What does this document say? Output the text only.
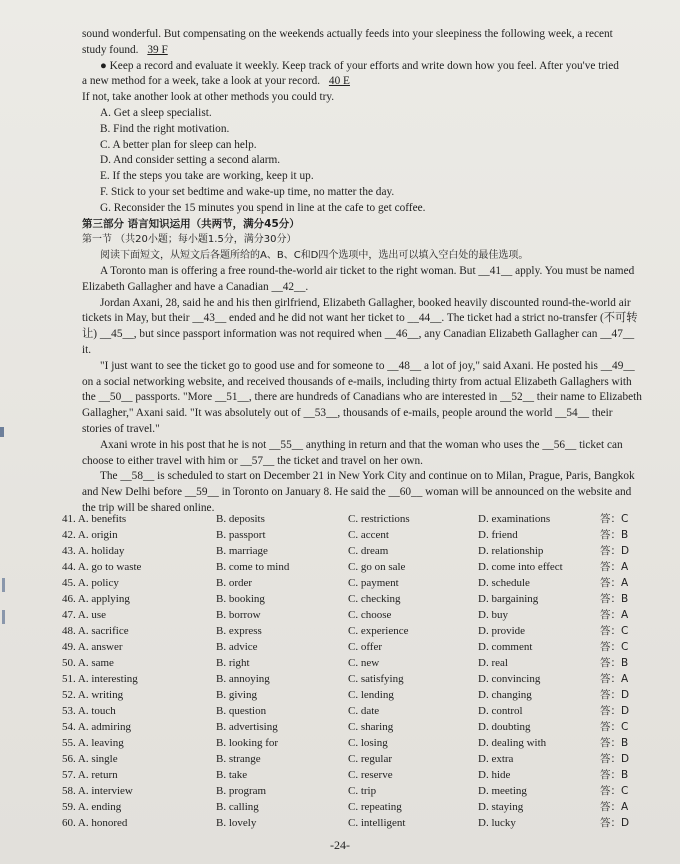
sound wonderful. But compensating on the weekends actually feeds into your sleepiness the following week, a recent

study found. 39 F

● Keep a record and evaluate it weekly. Keep track of your efforts and write down how you feel. After you've tried

a new method for a week, take a look at your record. 40 E

If not, take another look at other methods you could try.

A. Get a sleep specialist.

B. Find the right motivation.

C. A better plan for sleep can help.

D. And consider setting a second alarm.

E. If the steps you take are working, keep it up.

F. Stick to your set bedtime and wake-up time, no matter the day.

G. Reconsider the 15 minutes you spend in line at the cafe to get coffee.

第三部分 语言知识运用（共两节，满分45分）

第一节 （共20小题；每小题1.5分，满分30分）

阅读下面短文，从短文后各题所给的A、B、C和D四个选项中，选出可以填入空白处的最佳选项。

A Toronto man is offering a free round-the-world air ticket to the right woman. But __41__ apply. You must be named Elizabeth Gallagher and have a Canadian __42__.

Jordan Axani, 28, said he and his then girlfriend, Elizabeth Gallagher, booked heavily discounted round-the-world air tickets in May, but their __43__ ended and he did not want her ticket to __44__. The ticket had a strict no-transfer (不可转让) __45__, but since passport information was not required when __46__, any Canadian Elizabeth Gallagher can __47__ it.

"I just want to see the ticket go to good use and for someone to __48__ a lot of joy," said Axani. He posted his __49__ on a social networking website, and received thousands of e-mails, including thirty from actual Elizabeth Gallaghers with the __50__ passports. "More __51__, there are hundreds of Canadians who are interested in __52__ their name to Elizabeth Gallagher," Axani said. "It was absolutely out of __53__, thousands of e-mails, people around the world __54__ their stories of travel."

Axani wrote in his post that he is not __55__ anything in return and that the woman who uses the __56__ ticket can choose to either travel with him or __57__ the ticket and travel on her own.

The __58__ is scheduled to start on December 21 in New York City and continue on to Milan, Prague, Paris, Bangkok and New Delhi before __59__ in Toronto on January 8. He said the __60__ woman will be announced on the website and the trip will be shared online.

41. A. benefits	B. deposits	C. restrictions	D. examinations	答：C
42. A. origin	B. passport	C. accent	D. friend	答：B
43. A. holiday	B. marriage	C. dream	D. relationship	答：D
44. A. go to waste	B. come to mind	C. go on sale	D. come into effect	答：A
45. A. policy	B. order	C. payment	D. schedule	答：A
46. A. applying	B. booking	C. checking	D. bargaining	答：B
47. A. use	B. borrow	C. choose	D. buy	答：A
48. A. sacrifice	B. express	C. experience	D. provide	答：C
49. A. answer	B. advice	C. offer	D. comment	答：C
50. A. same	B. right	C. new	D. real	答：B
51. A. interesting	B. annoying	C. satisfying	D. convincing	答：A
52. A. writing	B. giving	C. lending	D. changing	答：D
53. A. touch	B. question	C. date	D. control	答：D
54. A. admiring	B. advertising	C. sharing	D. doubting	答：C
55. A. leaving	B. looking for	C. losing	D. dealing with	答：B
56. A. single	B. strange	C. regular	D. extra	答：D
57. A. return	B. take	C. reserve	D. hide	答：B
58. A. interview	B. program	C. trip	D. meeting	答：C
59. A. ending	B. calling	C. repeating	D. staying	答：A
60. A. honored	B. lovely	C. intelligent	D. lucky	答：D
-24-
